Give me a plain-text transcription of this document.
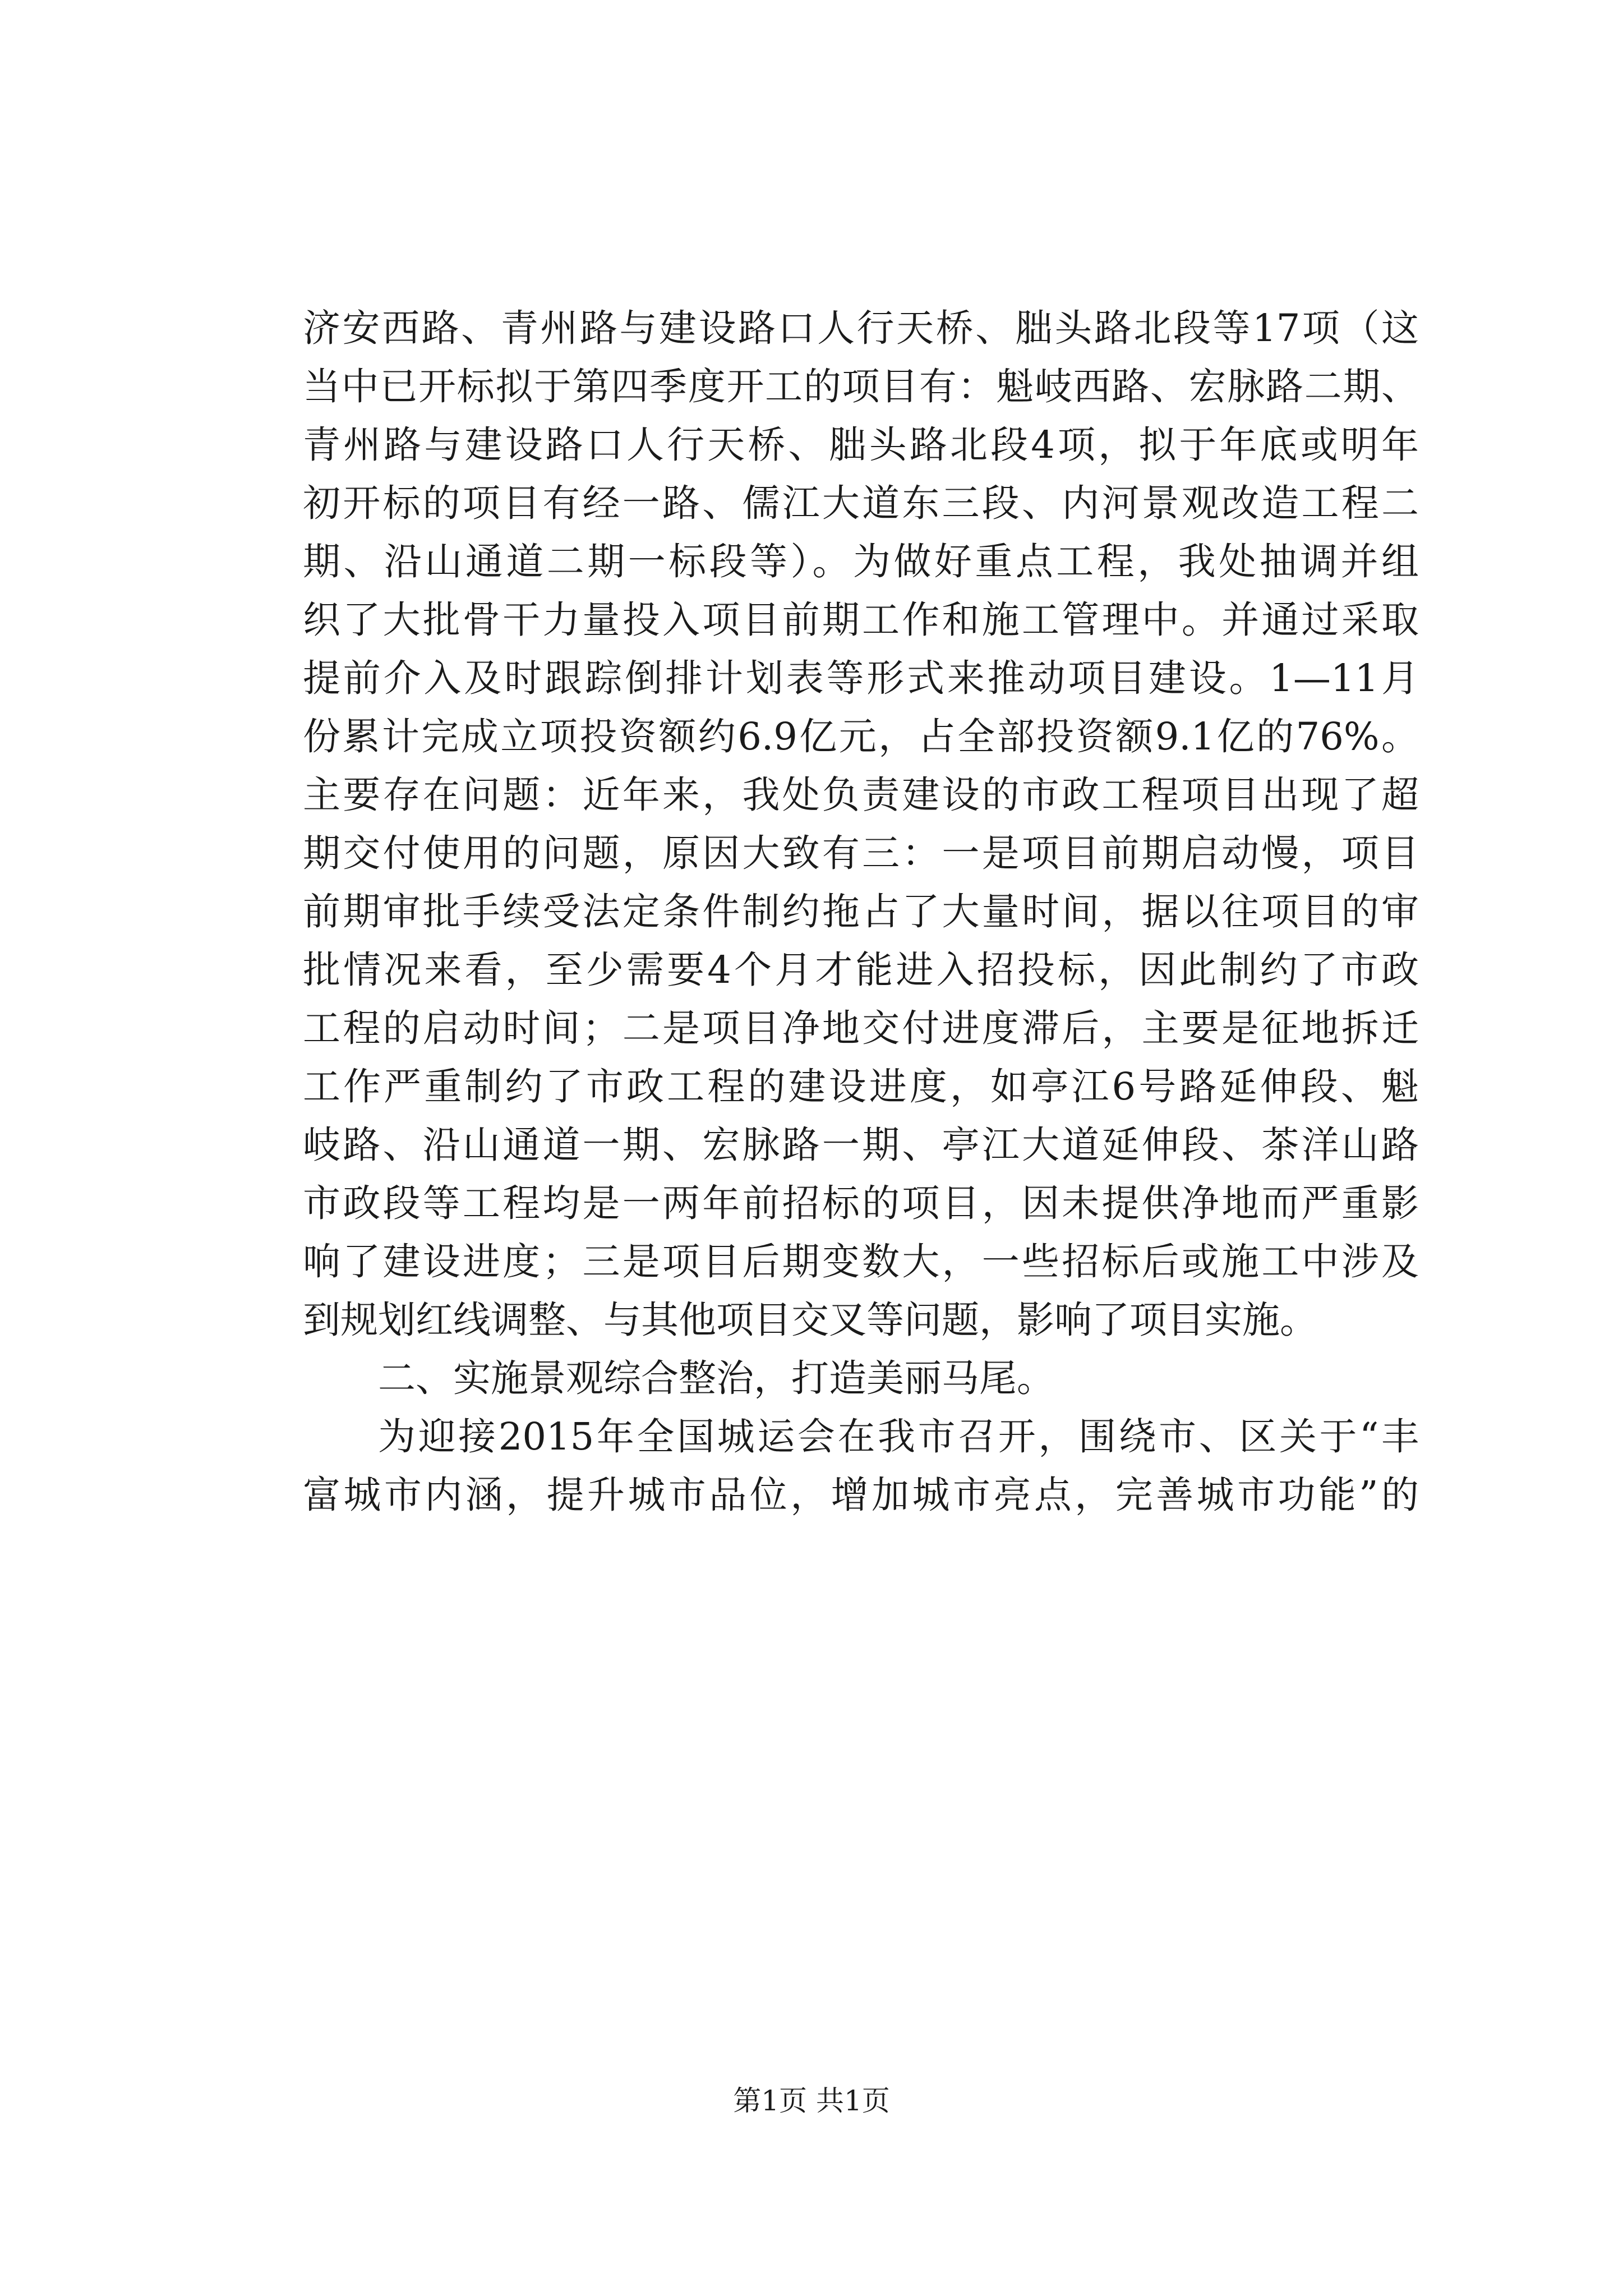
济安西路、青州路与建设路口人行天桥、胐头路北段等17项（这
当中已开标拟于第四季度开工的项目有：魁岐西路、宏脉路二期、
青州路与建设路口人行天桥、胐头路北段4项，拟于年底或明年
初开标的项目有经一路、儒江大道东三段、内河景观改造工程二
期、沿山通道二期一标段等）。为做好重点工程，我处抽调并组
织了大批骨干力量投入项目前期工作和施工管理中。并通过采取
提前介入及时跟踪倒排计划表等形式来推动项目建设。1—11月
份累计完成立项投资额约6.9亿元，占全部投资额9.1亿的76%。
主要存在问题：近年来，我处负责建设的市政工程项目出现了超
期交付使用的问题，原因大致有三：一是项目前期启动慢，项目
前期审批手续受法定条件制约拖占了大量时间，据以往项目的审
批情况来看，至少需要4个月才能进入招投标，因此制约了市政
工程的启动时间；二是项目净地交付进度滞后，主要是征地拆迁
工作严重制约了市政工程的建设进度，如亭江6号路延伸段、魁
岐路、沿山通道一期、宏脉路一期、亭江大道延伸段、茶洋山路
市政段等工程均是一两年前招标的项目，因未提供净地而严重影
响了建设进度；三是项目后期变数大，一些招标后或施工中涉及
到规划红线调整、与其他项目交叉等问题，影响了项目实施。
二、实施景观综合整治，打造美丽马尾。
为迎接2015年全国城运会在我市召开，围绕市、区关于“丰
富城市内涵，提升城市品位，增加城市亮点，完善城市功能”的
第1页 共1页
